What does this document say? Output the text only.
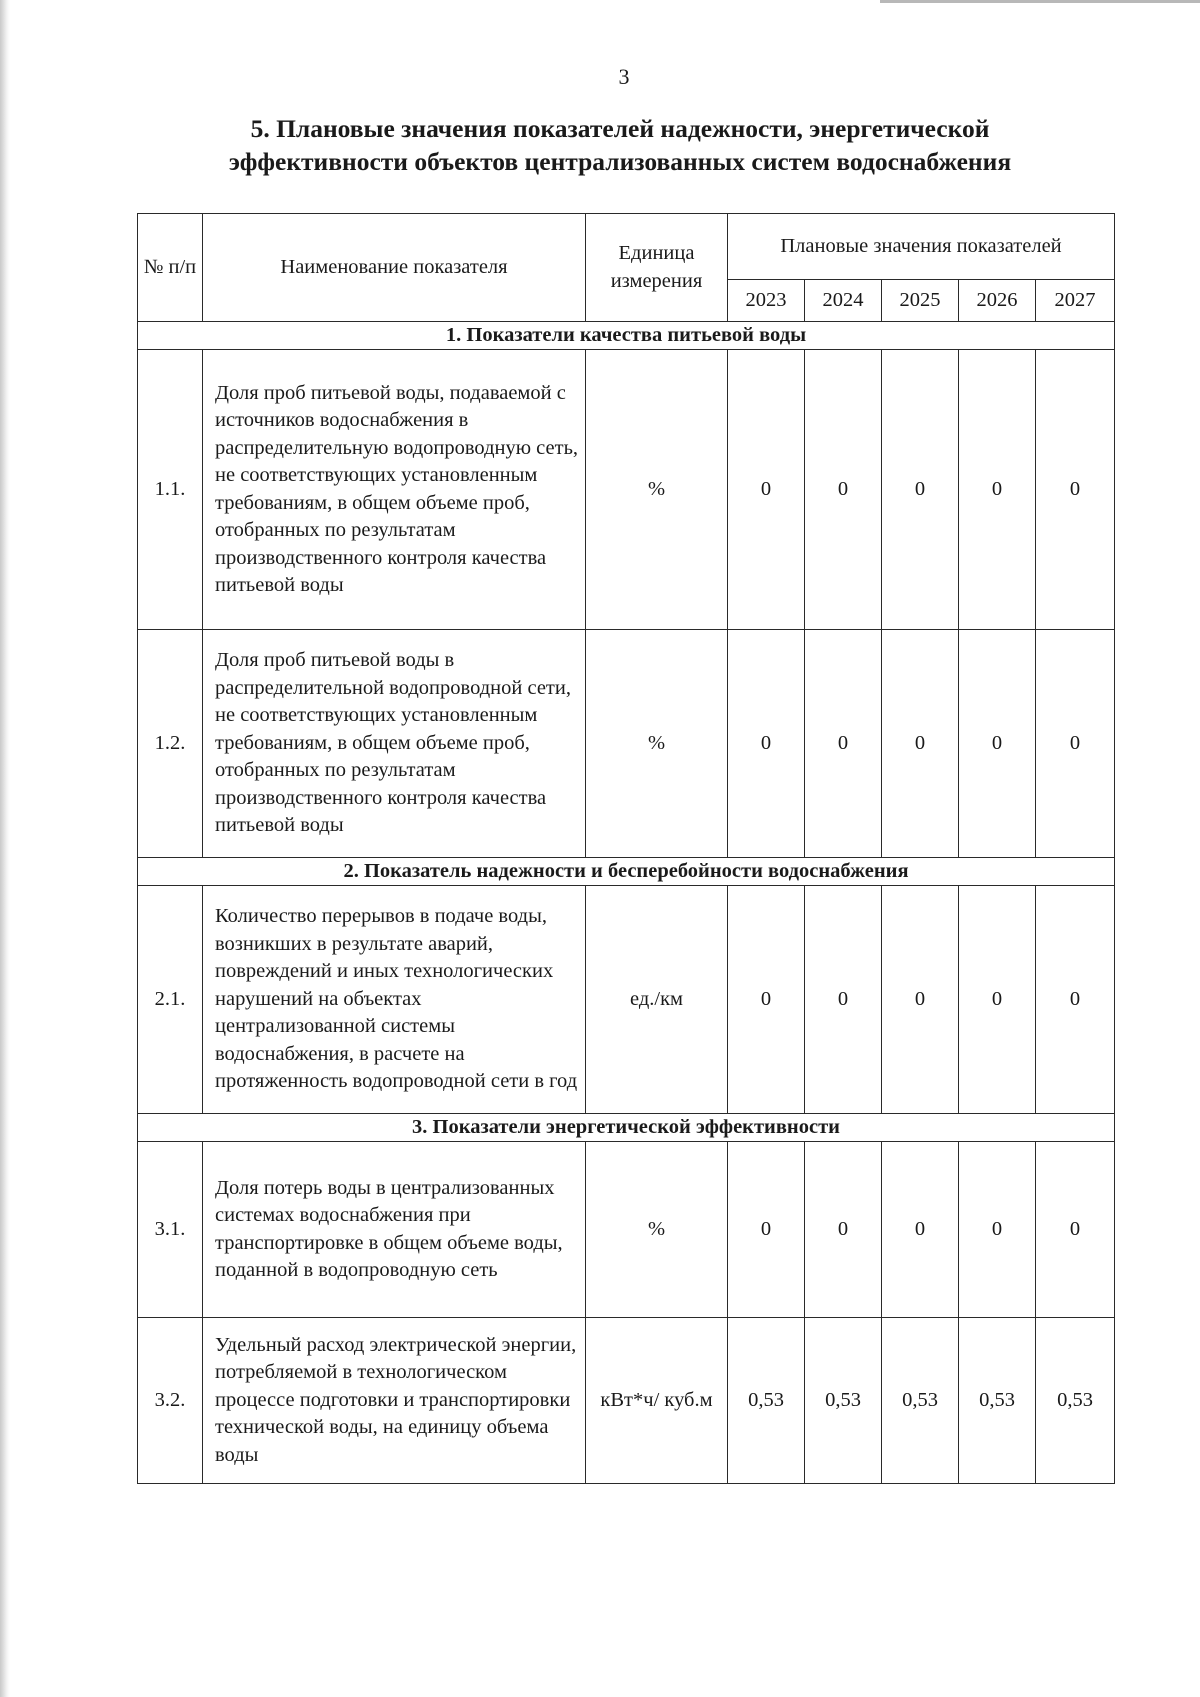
3
5. Плановые значения показателей надежности, энергетической
эффективности объектов централизованных систем водоснабжения
№ п/п	Наименование показателя	Единица измерения	Плановые значения показателей				
			2023	2024	2025	2026	2027
1. Показатели качества питьевой воды							
1.1.	Доля проб питьевой воды, подаваемой с источников водоснабжения в распределительную водопроводную сеть, не соответствующих установленным требованиям, в общем объеме проб, отобранных по результатам производственного контроля качества питьевой воды	%	0	0	0	0	0
1.2.	Доля проб питьевой воды в распределительной водопроводной сети, не соответствующих установленным требованиям, в общем объеме проб, отобранных по результатам производственного контроля качества питьевой воды	%	0	0	0	0	0
2. Показатель надежности и бесперебойности водоснабжения							
2.1.	Количество перерывов в подаче воды, возникших в результате аварий, повреждений и иных технологических нарушений на объектах централизованной системы водоснабжения, в расчете на протяженность водопроводной сети в год	ед./км	0	0	0	0	0
3. Показатели энергетической эффективности							
3.1.	Доля потерь воды в централизованных системах водоснабжения при транспортировке в общем объеме воды, поданной в водопроводную сеть	%	0	0	0	0	0
3.2.	Удельный расход электрической энергии, потребляемой в технологическом процессе подготовки и транспортировки технической воды, на единицу объема воды	кВт*ч/ куб.м	0,53	0,53	0,53	0,53	0,53
